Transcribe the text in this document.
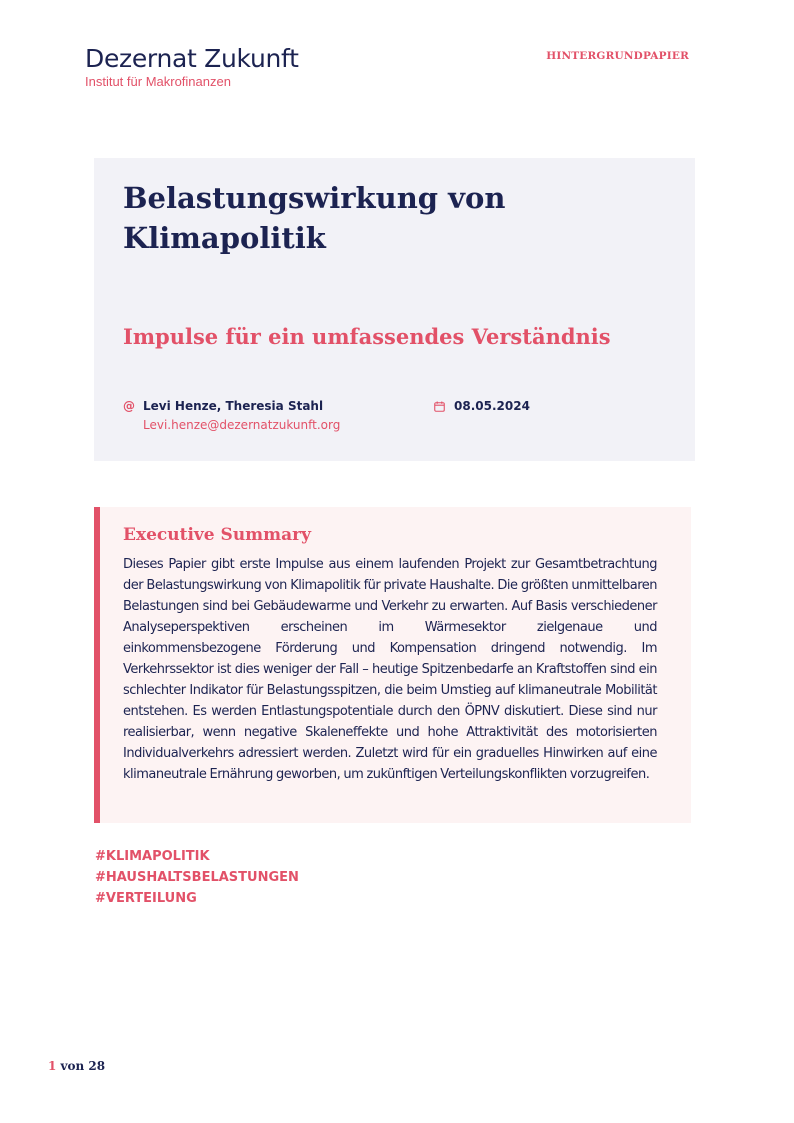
Dezernat Zukunft
Institut für Makrofinanzen
HINTERGRUNDPAPIER
Belastungswirkung von Klimapolitik
Impulse für ein umfassendes Verständnis
@ Levi Henze, Theresia Stahl
Levi.henze@dezernatzukunft.org
08.05.2024
Executive Summary

Dieses Papier gibt erste Impulse aus einem laufenden Projekt zur Gesamtbetrachtung der Belastungswirkung von Klimapolitik für private Haushalte. Die größten unmittelbaren Belastungen sind bei Gebäudewarme und Verkehr zu erwarten. Auf Basis verschiedener Analyseperspektiven erscheinen im Wärmesektor zielgenaue und einkommensbezogene Förderung und Kompensation dringend notwendig. Im Verkehrssektor ist dies weniger der Fall – heutige Spitzenbedarfe an Kraftstoffen sind ein schlechter Indikator für Belastungsspitzen, die beim Umstieg auf klimaneutrale Mobilität entstehen. Es werden Entlastungspotentiale durch den ÖPNV diskutiert. Diese sind nur realisierbar, wenn negative Skaleneffekte und hohe Attraktivität des motorisierten Individualverkehrs adressiert werden. Zuletzt wird für ein graduelles Hinwirken auf eine klimaneutrale Ernährung geworben, um zukünftigen Verteilungskonflikten vorzugreifen.

#KLIMAPOLITIK
#HAUSHALTSBELASTUNGEN
#VERTEILUNG
1 von 28
